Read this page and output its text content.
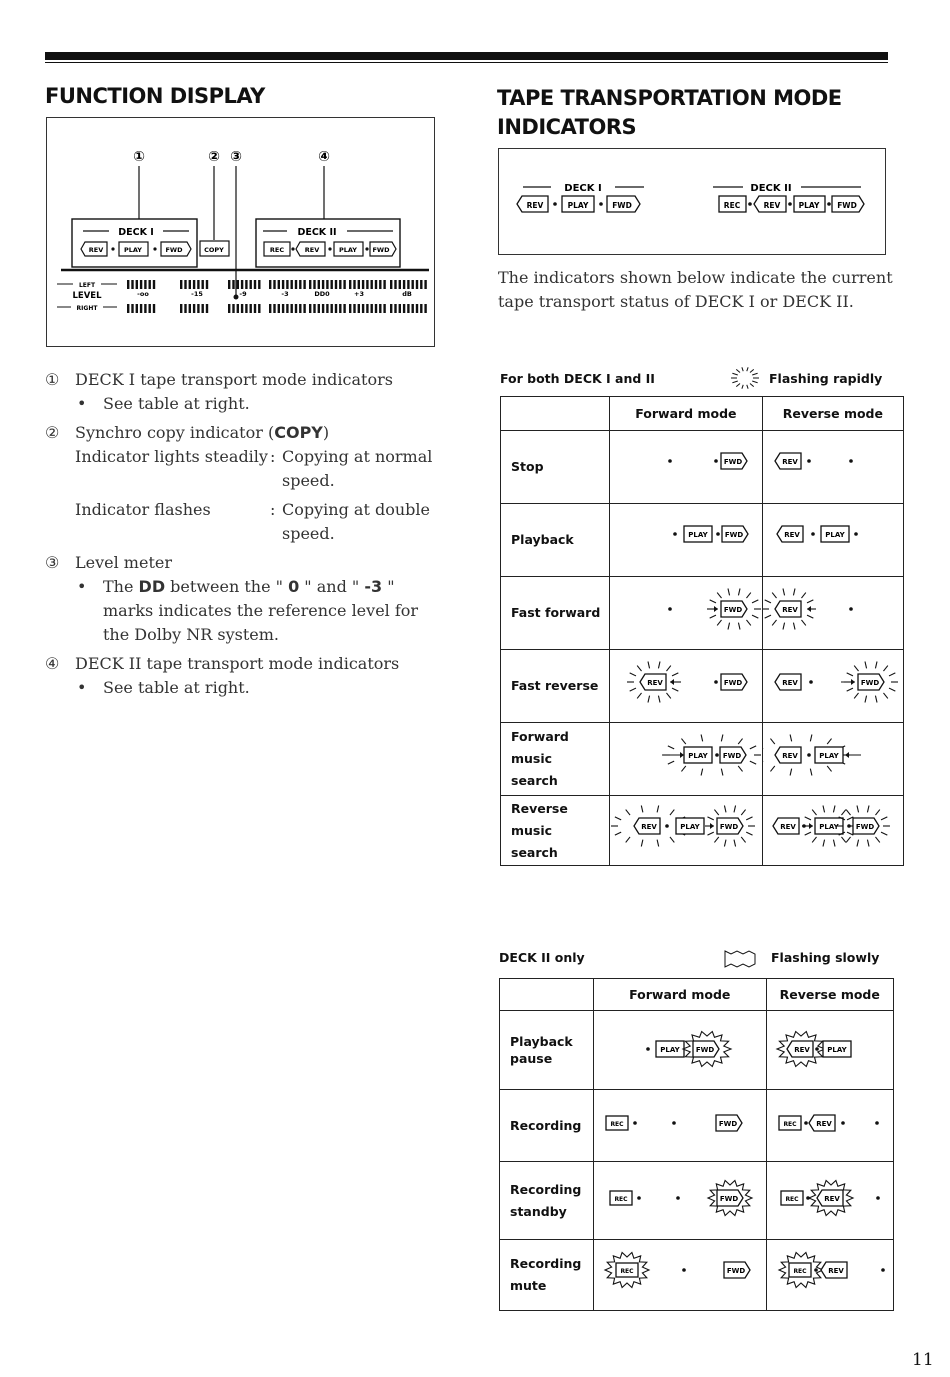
FUNCTION DISPLAY
①	② ③	④
DECK I
REV	PLAY	FWD	COPY
DECK II
REC	REV	PLAY FWD
LEFT
LEVEL
RIGHT
-oo	-15	-9	-3	DD0	+3	dB
① DECK I tape transport mode indicators
• See table at right.
② Synchro copy indicator (COPY)
Indicator lights steadily : Copying at normal speed.
Indicator flashes	: Copying at double speed.
③ Level meter
• The DD between the " 0 " and " -3 " marks indicates the reference level for the Dolby NR system.
④ DECK II tape transport mode indicators
• See table at right.
TAPE TRANSPORTATION MODE
INDICATORS
DECK I
REV	PLAY	FWD
DECK II
REC	REV PLAY FWD
The indicators shown below indicate the current tape transport status of DECK I or DECK II.
For both DECK I and II	Flashing rapidly
	Forward mode	Reverse mode
Stop	FWD	REV

Playback	PLAY FWD	REV PLAY

Fast forward	FWD	REV

Fast reverse	REV FWD	REV FWD

Forward music search	PLAY FWD	REV PLAY

Reverse music search	REV PLAY FWD	REV PLAY FWD
DECK II only	Flashing slowly
	Forward mode	Reverse mode
Playback pause	PLAY FWD	REV PLAY

Recording	REC FWD	REC REV

Recording standby	REC FWD	REC REV

Recording mute	REC FWD	REC REV
11
